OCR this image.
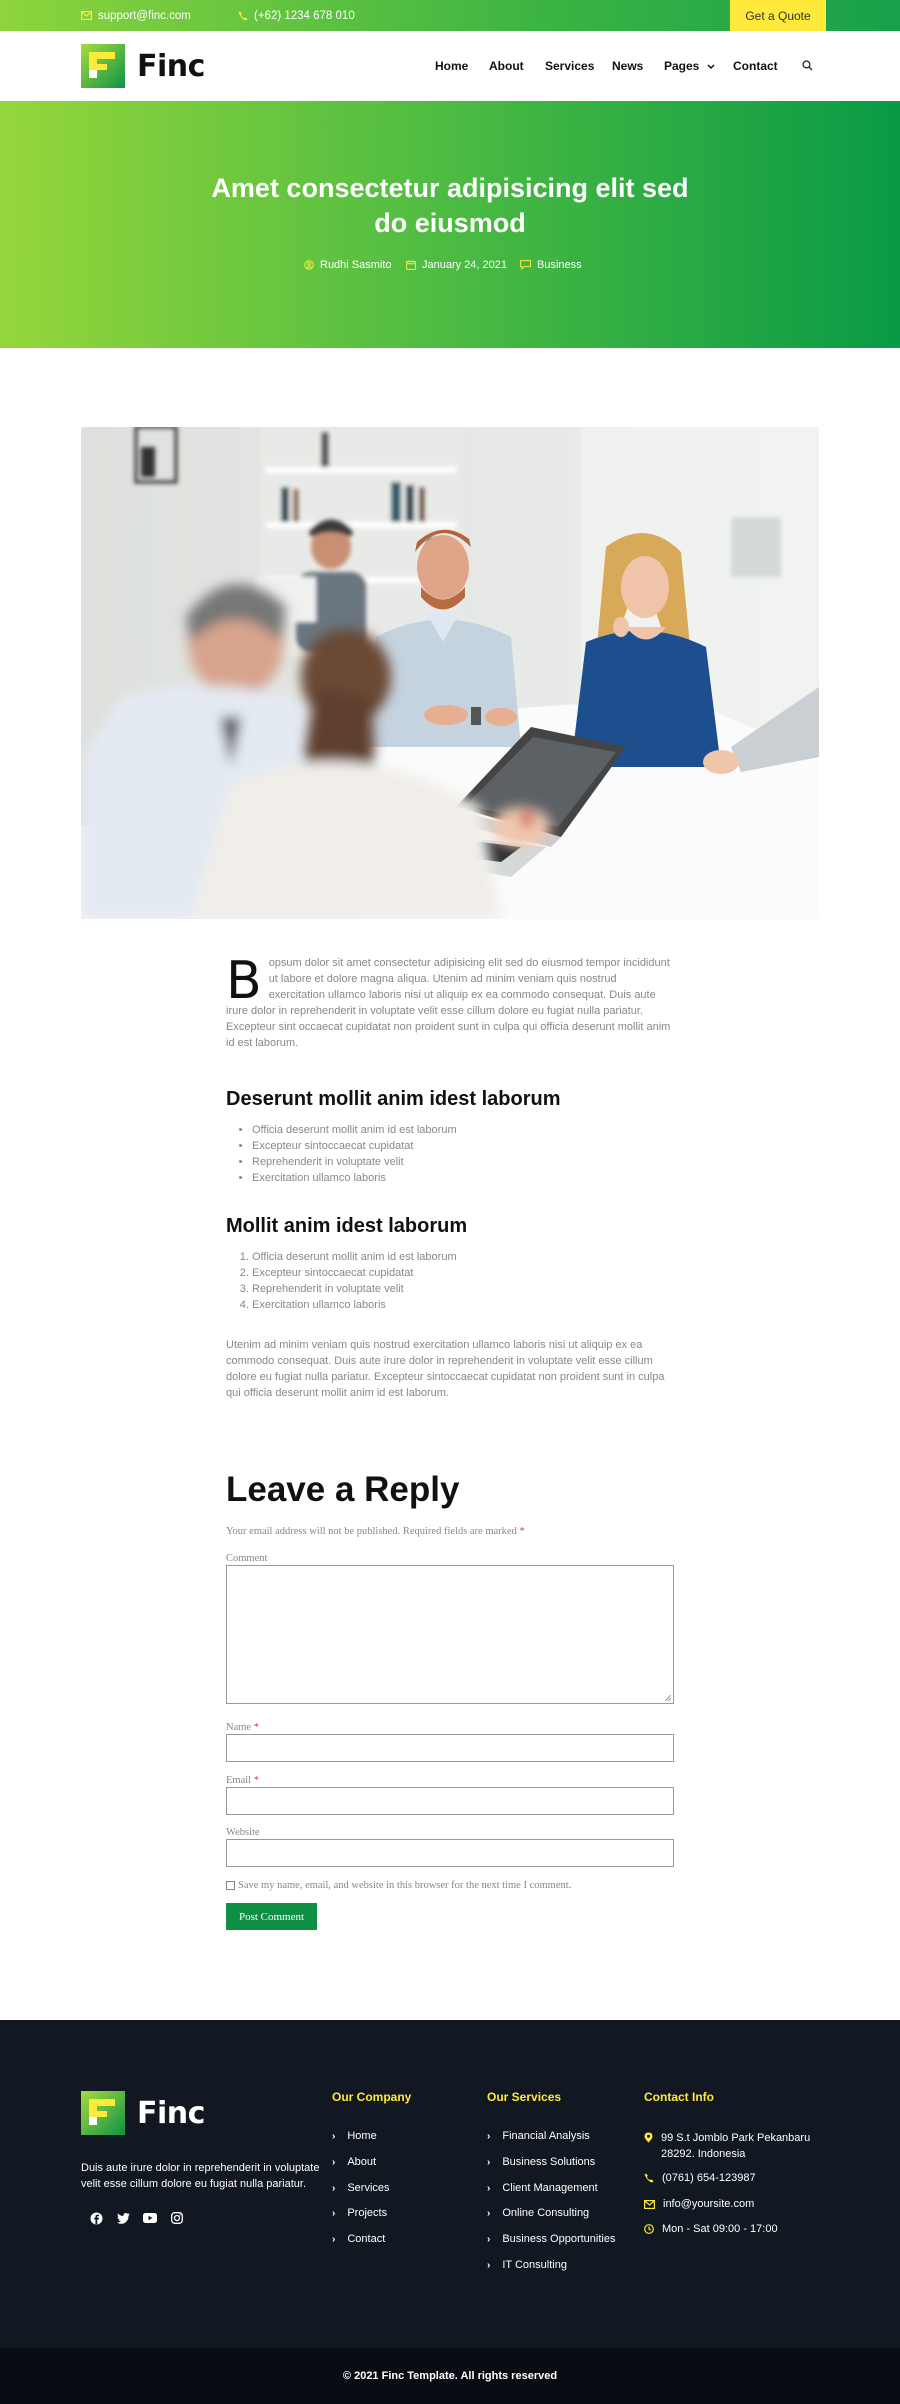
support@finc.com	(+62) 1234 678 010	Get a Quote
Finc	Home About Services News Pages	Contact
Amet consectetur adipisicing elit sed do eiusmod
Rudhi Sasmito	January 24, 2021	Business
B opsum dolor sit amet consectetur adipisicing elit sed do eiusmod tempor incididunt ut labore et dolore magna aliqua. Utenim ad minim veniam quis nostrud exercitation ullamco laboris nisi ut aliquip ex ea commodo consequat. Duis aute irure dolor in reprehenderit in voluptate velit esse cillum dolore eu fugiat nulla pariatur. Excepteur sint occaecat cupidatat non proident sunt in culpa qui officia deserunt mollit anim id est laborum.
Deserunt mollit anim idest laborum
• Officia deserunt mollit anim id est laborum
• Excepteur sintoccaecat cupidatat
• Reprehenderit in voluptate velit
• Exercitation ullamco laboris
Mollit anim idest laborum
1. Officia deserunt mollit anim id est laborum
2. Excepteur sintoccaecat cupidatat
3. Reprehenderit in voluptate velit
4. Exercitation ullamco laboris
Utenim ad minim veniam quis nostrud exercitation ullamco laboris nisi ut aliquip ex ea commodo consequat. Duis aute irure dolor in reprehenderit in voluptate velit esse cillum dolore eu fugiat nulla pariatur. Excepteur sintoccaecat cupidatat non proident sunt in culpa qui officia deserunt mollit anim id est laborum.
Leave a Reply
Your email address will not be published. Required fields are marked *
Comment
Name *
Email *
Website
Save my name, email, and website in this browser for the next time I comment.
Post Comment
Finc
Duis aute irure dolor in reprehenderit in voluptate velit esse cillum dolore eu fugiat nulla pariatur.
Our Company
› Home
› About
› Services
› Projects
› Contact
Our Services
› Financial Analysis
› Business Solutions
› Client Management
› Online Consulting
› Business Opportunities
› IT Consulting
Contact Info
99 S.t Jomblo Park Pekanbaru
28292. Indonesia
(0761) 654-123987
info@yoursite.com
Mon - Sat 09:00 - 17:00
© 2021 Finc Template. All rights reserved
